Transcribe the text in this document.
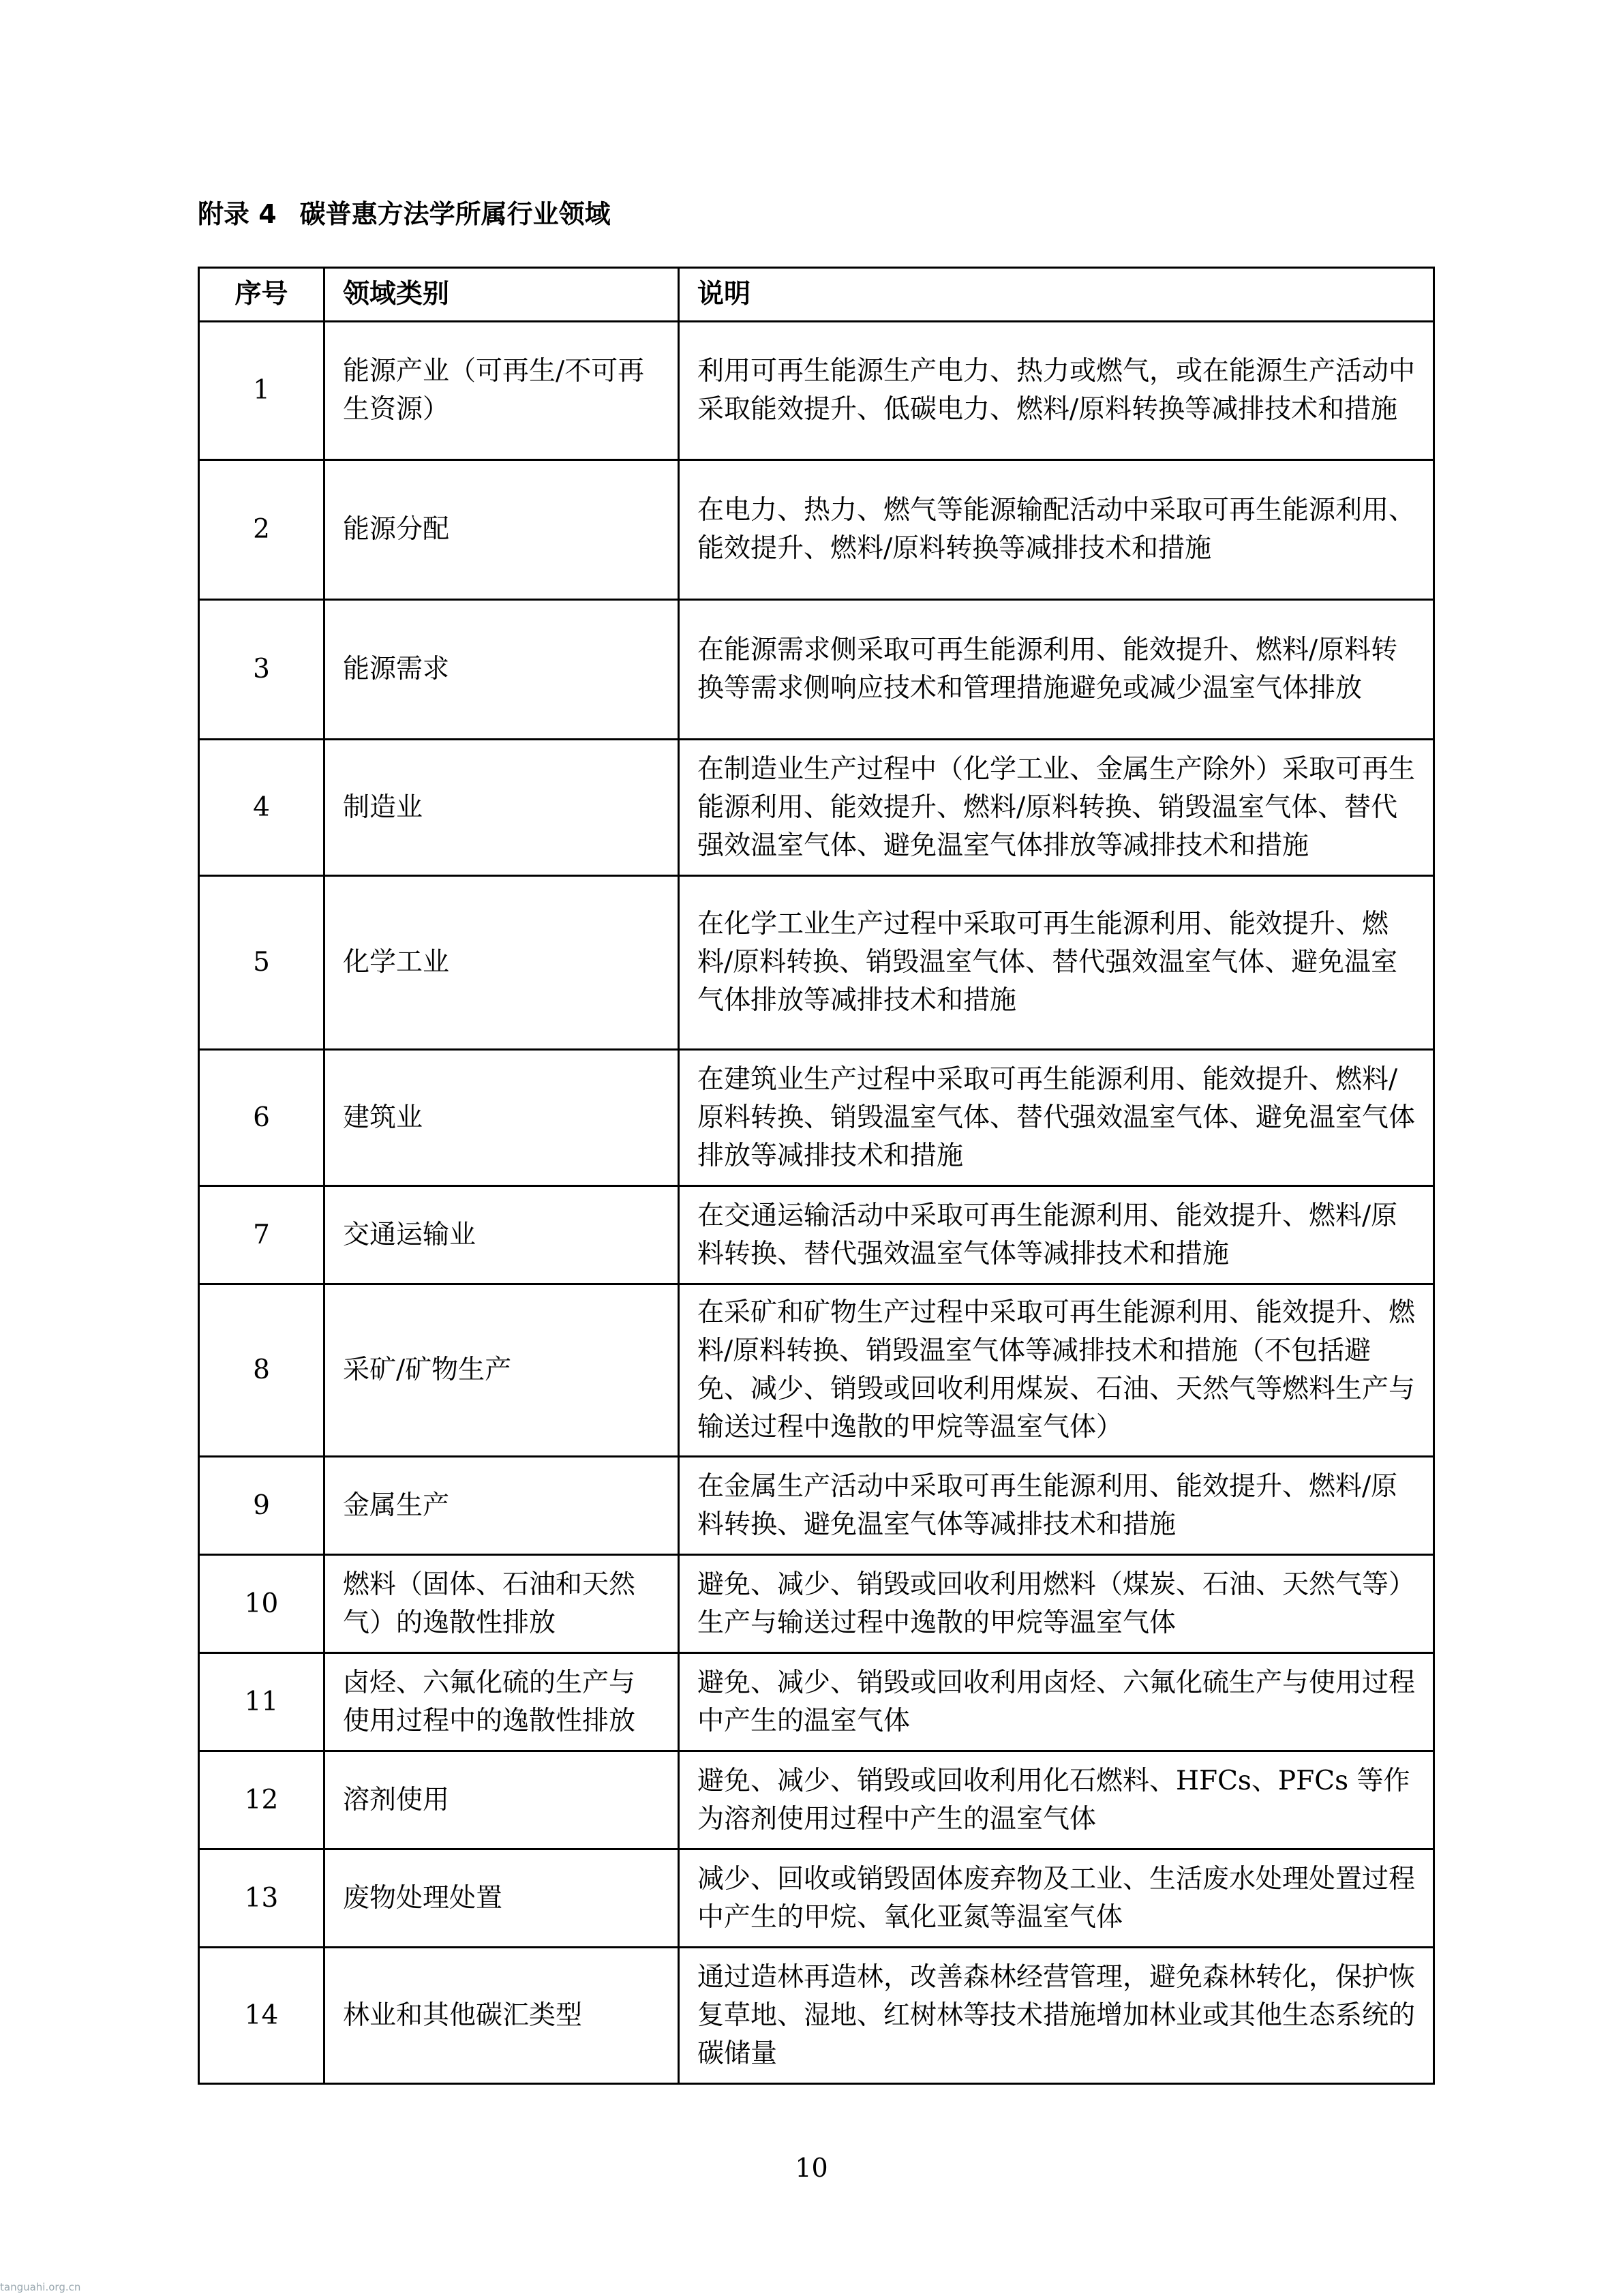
附录 4 碳普惠方法学所属行业领域
序号	领域类别	说明
1	能源产业（可再生/不可再生资源）	利用可再生能源生产电力、热力或燃气，或在能源生产活动中采取能效提升、低碳电力、燃料/原料转换等减排技术和措施
2	能源分配	在电力、热力、燃气等能源输配活动中采取可再生能源利用、能效提升、燃料/原料转换等减排技术和措施
3	能源需求	在能源需求侧采取可再生能源利用、能效提升、燃料/原料转换等需求侧响应技术和管理措施避免或减少温室气体排放
4	制造业	在制造业生产过程中（化学工业、金属生产除外）采取可再生能源利用、能效提升、燃料/原料转换、销毁温室气体、替代强效温室气体、避免温室气体排放等减排技术和措施
5	化学工业	在化学工业生产过程中采取可再生能源利用、能效提升、燃料/原料转换、销毁温室气体、替代强效温室气体、避免温室气体排放等减排技术和措施
6	建筑业	在建筑业生产过程中采取可再生能源利用、能效提升、燃料/原料转换、销毁温室气体、替代强效温室气体、避免温室气体排放等减排技术和措施
7	交通运输业	在交通运输活动中采取可再生能源利用、能效提升、燃料/原料转换、替代强效温室气体等减排技术和措施
8	采矿/矿物生产	在采矿和矿物生产过程中采取可再生能源利用、能效提升、燃料/原料转换、销毁温室气体等减排技术和措施（不包括避免、减少、销毁或回收利用煤炭、石油、天然气等燃料生产与输送过程中逸散的甲烷等温室气体）
9	金属生产	在金属生产活动中采取可再生能源利用、能效提升、燃料/原料转换、避免温室气体等减排技术和措施
10	燃料（固体、石油和天然气）的逸散性排放	避免、减少、销毁或回收利用燃料（煤炭、石油、天然气等）生产与输送过程中逸散的甲烷等温室气体
11	卤烃、六氟化硫的生产与使用过程中的逸散性排放	避免、减少、销毁或回收利用卤烃、六氟化硫生产与使用过程中产生的温室气体
12	溶剂使用	避免、减少、销毁或回收利用化石燃料、HFCs、PFCs 等作为溶剂使用过程中产生的温室气体
13	废物处理处置	减少、回收或销毁固体废弃物及工业、生活废水处理处置过程中产生的甲烷、氧化亚氮等温室气体
14	林业和其他碳汇类型	通过造林再造林，改善森林经营管理，避免森林转化，保护恢复草地、湿地、红树林等技术措施增加林业或其他生态系统的碳储量
10
tanguahi.org.cn
